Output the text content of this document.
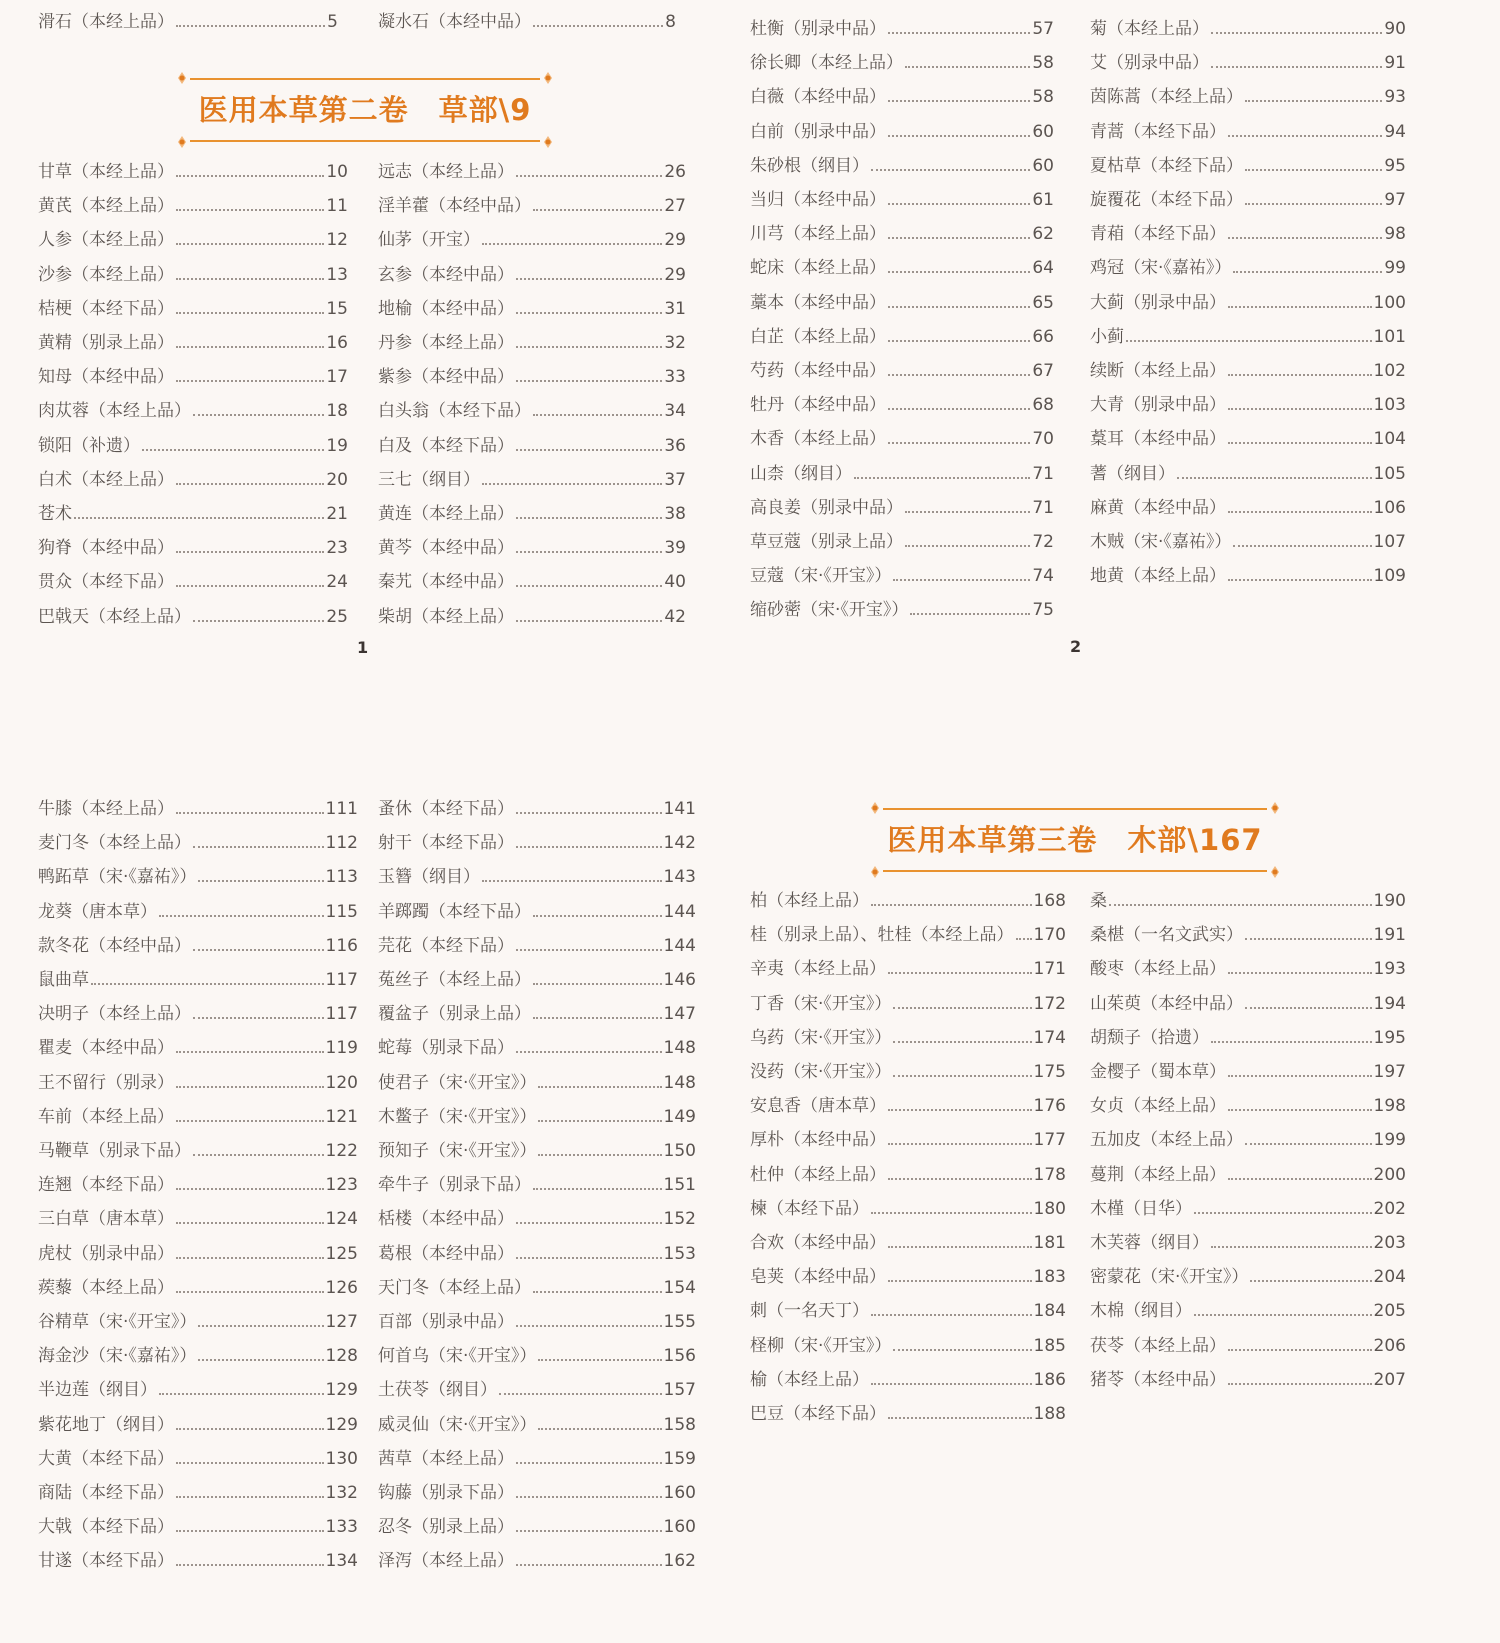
滑石（本经上品）	5 凝水石（本经中品）	8
医用本草第二卷　草部\9
甘草（本经上品）	10
黄芪（本经上品）	11
人参（本经上品）	12
沙参（本经上品）	13
桔梗（本经下品）	15
黄精（别录上品）	16
知母（本经中品）	17
肉苁蓉（本经上品）	18
锁阳（补遗）	19
白术（本经上品）	20
苍术	21
狗脊（本经中品）	23
贯众（本经下品）	24
巴戟天（本经上品）	25
远志（本经上品）	26
淫羊藿（本经中品）	27
仙茅（开宝）	29
玄参（本经中品）	29
地榆（本经中品）	31
丹参（本经上品）	32
紫参（本经中品）	33
白头翁（本经下品）	34
白及（本经下品）	36
三七（纲目）	37
黄连（本经上品）	38
黄芩（本经中品）	39
秦艽（本经中品）	40
柴胡（本经上品）	42
1
杜衡（别录中品）	57
徐长卿（本经上品）	58
白薇（本经中品）	58
白前（别录中品）	60
朱砂根（纲目）	60
当归（本经中品）	61
川芎（本经上品）	62
蛇床（本经上品）	64
藁本（本经中品）	65
白芷（本经上品）	66
芍药（本经中品）	67
牡丹（本经中品）	68
木香（本经上品）	70
山柰（纲目）	71
高良姜（别录中品）	71
草豆蔻（别录上品）	72
豆蔻（宋·《开宝》）	74
缩砂蔤（宋·《开宝》）	75
菊（本经上品）	90
艾（别录中品）	91
茵陈蒿（本经上品）	93
青蒿（本经下品）	94
夏枯草（本经下品）	95
旋覆花（本经下品）	97
青葙（本经下品）	98
鸡冠（宋·《嘉祐》）	99
大蓟（别录中品）	100
小蓟	101
续断（本经上品）	102
大青（别录中品）	103
葈耳（本经中品）	104
蓍（纲目）	105
麻黄（本经中品）	106
木贼（宋·《嘉祐》）	107
地黄（本经上品）	109
2
牛膝（本经上品）	111
麦门冬（本经上品）	112
鸭跖草（宋·《嘉祐》）	113
龙葵（唐本草）	115
款冬花（本经中品）	116
鼠曲草	117
决明子（本经上品）	117
瞿麦（本经中品）	119
王不留行（别录）	120
车前（本经上品）	121
马鞭草（别录下品）	122
连翘（本经下品）	123
三白草（唐本草）	124
虎杖（别录中品）	125
蒺藜（本经上品）	126
谷精草（宋·《开宝》）	127
海金沙（宋·《嘉祐》）	128
半边莲（纲目）	129
紫花地丁（纲目）	129
大黄（本经下品）	130
商陆（本经下品）	132
大戟（本经下品）	133
甘遂（本经下品）	134
蚤休（本经下品）	141
射干（本经下品）	142
玉簪（纲目）	143
羊踯躅（本经下品）	144
芫花（本经下品）	144
菟丝子（本经上品）	146
覆盆子（别录上品）	147
蛇莓（别录下品）	148
使君子（宋·《开宝》）	148
木鳖子（宋·《开宝》）	149
预知子（宋·《开宝》）	150
牵牛子（别录下品）	151
栝楼（本经中品）	152
葛根（本经中品）	153
天门冬（本经上品）	154
百部（别录中品）	155
何首乌（宋·《开宝》）	156
土茯苓（纲目）	157
威灵仙（宋·《开宝》）	158
茜草（本经上品）	159
钩藤（别录下品）	160
忍冬（别录上品）	160
泽泻（本经上品）	162
医用本草第三卷　木部\167
柏（本经上品）	168
桂（别录上品）、牡桂（本经上品） 170
辛夷（本经上品）	171
丁香（宋·《开宝》）	172
乌药（宋·《开宝》）	174
没药（宋·《开宝》）	175
安息香（唐本草）	176
厚朴（本经中品）	177
杜仲（本经上品）	178
楝（本经下品）	180
合欢（本经中品）	181
皂荚（本经中品）	183
刺（一名天丁）	184
柽柳（宋·《开宝》）	185
榆（本经上品）	186
巴豆（本经下品）	188
桑	190
桑椹（一名文武实）	191
酸枣（本经上品）	193
山茱萸（本经中品）	194
胡颓子（拾遗）	195
金樱子（蜀本草）	197
女贞（本经上品）	198
五加皮（本经上品）	199
蔓荆（本经上品）	200
木槿（日华）	202
木芙蓉（纲目）	203
密蒙花（宋·《开宝》）	204
木棉（纲目）	205
茯苓（本经上品）	206
猪苓（本经中品）	207
